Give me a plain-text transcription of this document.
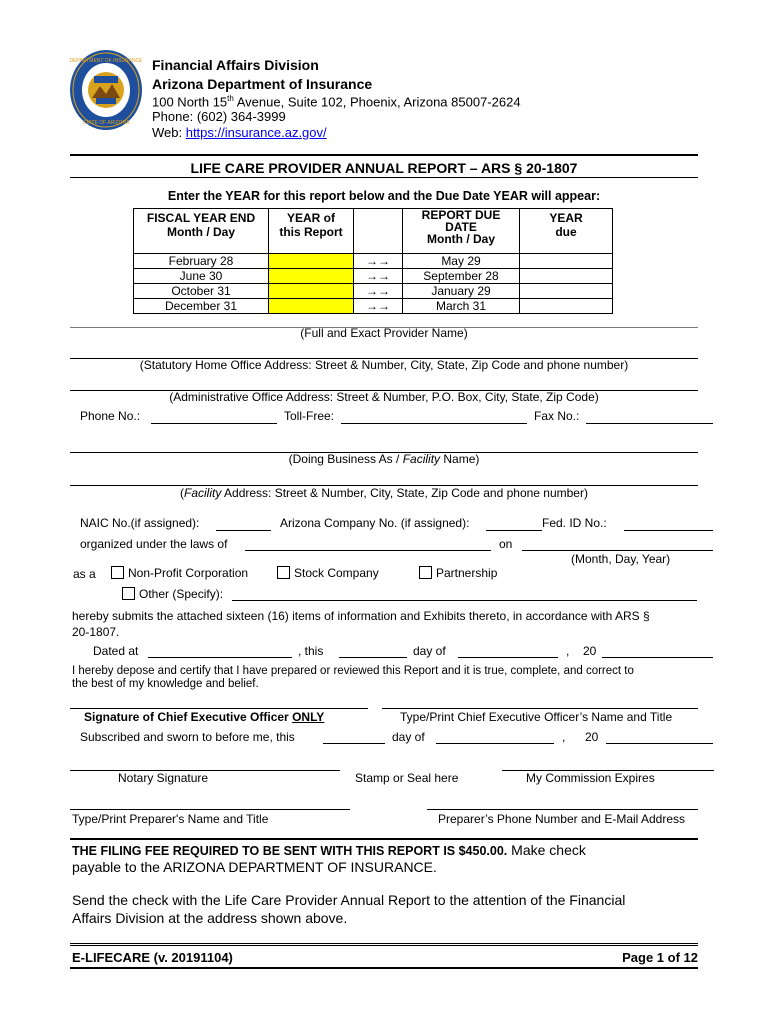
DEPARTMENT OF INSURANCE
STATE OF ARIZONA
Financial Affairs Division
Arizona Department of Insurance
100 North 15th Avenue, Suite 102, Phoenix, Arizona 85007-2624
Phone: (602) 364-3999
Web: https://insurance.az.gov/
LIFE CARE PROVIDER ANNUAL REPORT – ARS § 20-1807
Enter the YEAR for this report below and the Due Date YEAR will appear:
FISCAL YEAR END
Month / Day	YEAR of
this Report		REPORT DUE
DATE
Month / Day	YEAR
due
February 28		→→	May 29	
June 30		→→	September 28	
October 31		→→	January 29	
December 31		→→	March 31	
(Full and Exact Provider Name)
(Statutory Home Office Address: Street & Number, City, State, Zip Code and phone number)
(Administrative Office Address: Street & Number, P.O. Box, City, State, Zip Code)
Phone No.:	Toll-Free:	Fax No.:
(Doing Business As / Facility Name)
(Facility Address: Street & Number, City, State, Zip Code and phone number)
NAIC No.(if assigned):	Arizona Company No. (if assigned):	Fed. ID No.:
organized under the laws of	on
(Month, Day, Year)
as a	Non-Profit Corporation	Stock Company	Partnership
Other (Specify):
hereby submits the attached sixteen (16) items of information and Exhibits thereto, in accordance with ARS §
20-1807.
Dated at	, this	day of	, 20
I hereby depose and certify that I have prepared or reviewed this Report and it is true, complete, and correct to
the best of my knowledge and belief.
Signature of Chief Executive Officer ONLY	Type/Print Chief Executive Officer’s Name and Title
Subscribed and sworn to before me, this	day of	, 20
Notary Signature	Stamp or Seal here	My Commission Expires
Type/Print Preparer's Name and Title	Preparer’s Phone Number and E-Mail Address
THE FILING FEE REQUIRED TO BE SENT WITH THIS REPORT IS $450.00. Make check
payable to the ARIZONA DEPARTMENT OF INSURANCE.
Send the check with the Life Care Provider Annual Report to the attention of the Financial
Affairs Division at the address shown above.
E-LIFECARE (v. 20191104)	Page 1 of 12
